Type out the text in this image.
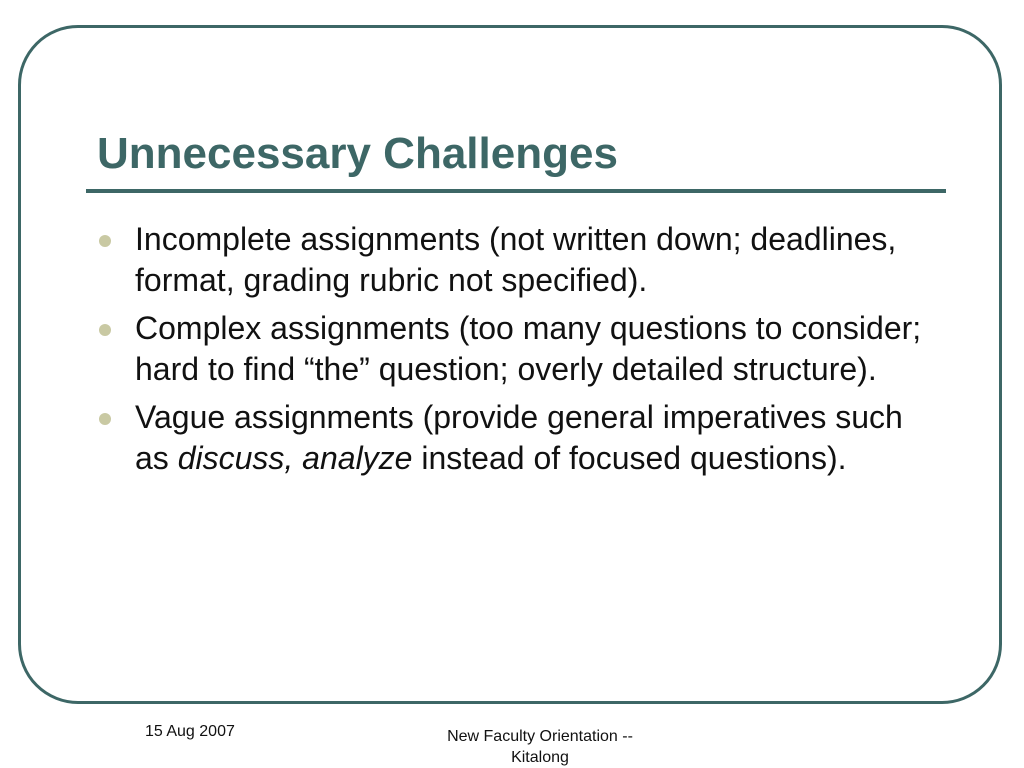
Unnecessary Challenges
Incomplete assignments (not written down; deadlines, format, grading rubric not specified).
Complex assignments (too many questions to consider; hard to find “the” question; overly detailed structure).
Vague assignments (provide general imperatives such as discuss, analyze instead of focused questions).
15 Aug 2007	New Faculty Orientation --
Kitalong
